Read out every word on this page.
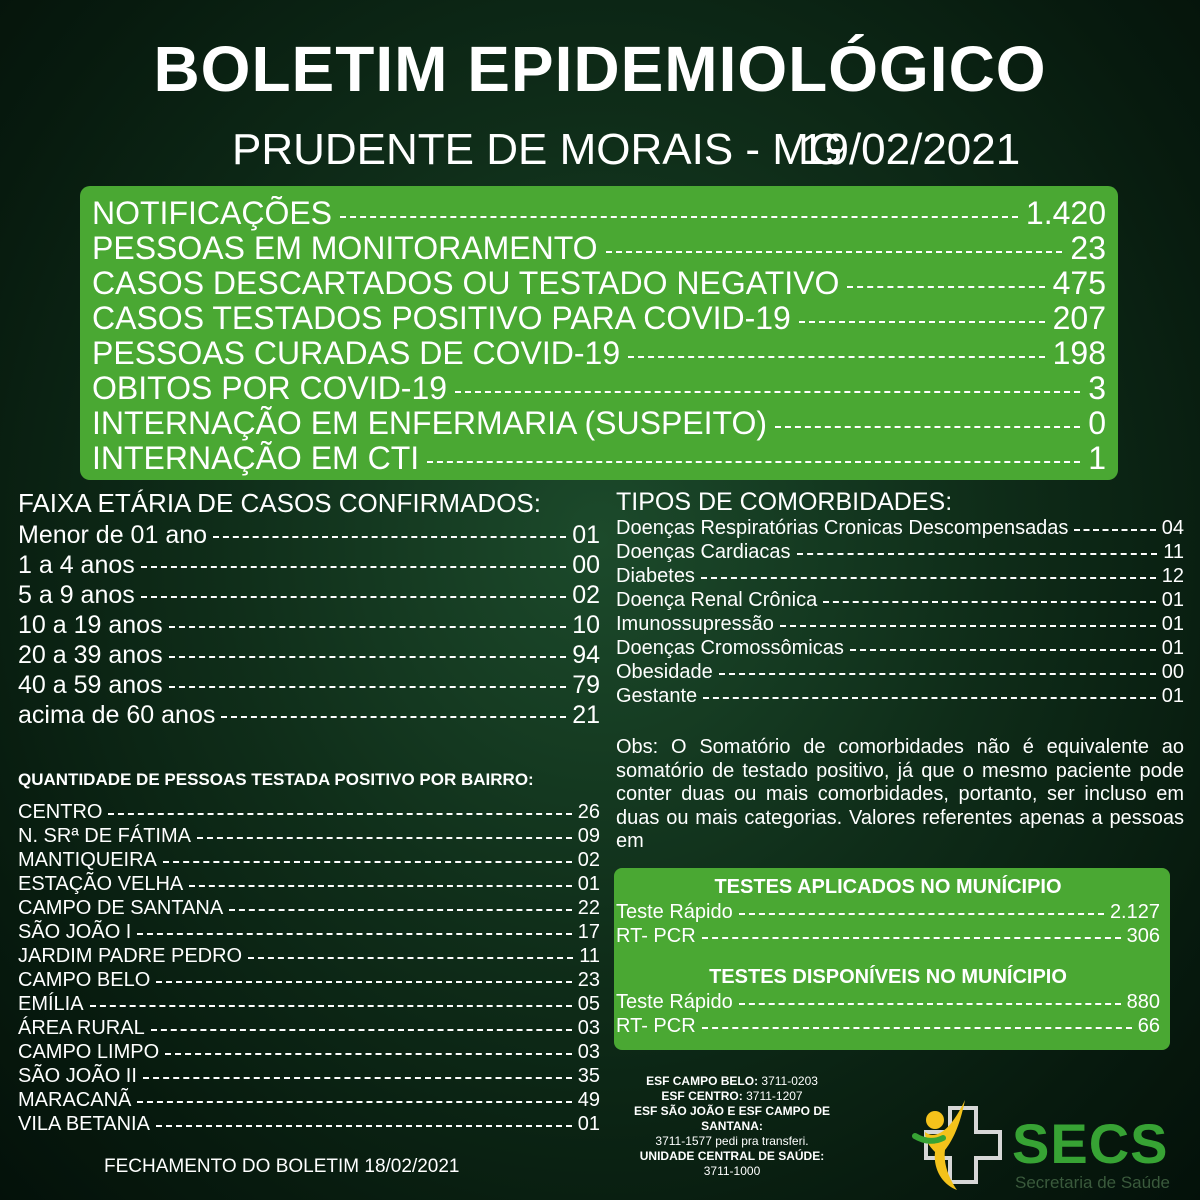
BOLETIM EPIDEMIOLÓGICO
PRUDENTE DE MORAIS - MG
19/02/2021
NOTIFICAÇÕES	1.420
PESSOAS EM MONITORAMENTO	23
CASOS DESCARTADOS OU TESTADO NEGATIVO	475
CASOS TESTADOS POSITIVO PARA COVID-19	207
PESSOAS CURADAS DE COVID-19	198
OBITOS POR COVID-19	3
INTERNAÇÃO EM ENFERMARIA (SUSPEITO)	0
INTERNAÇÃO EM CTI	1
FAIXA ETÁRIA DE CASOS CONFIRMADOS:
Menor de 01 ano	01
1 a 4 anos	00
5 a 9 anos	02
10 a 19 anos	10
20 a 39 anos	94
40 a 59 anos	79
acima de 60 anos	21
QUANTIDADE DE PESSOAS TESTADA POSITIVO POR BAIRRO:
CENTRO	26
N. SRª DE FÁTIMA	09
MANTIQUEIRA	02
ESTAÇÃO VELHA	01
CAMPO DE SANTANA	22
SÃO JOÃO I	17
JARDIM PADRE PEDRO	11
CAMPO BELO	23
EMÍLIA	05
ÁREA RURAL	03
CAMPO LIMPO	03
SÃO JOÃO II	35
MARACANÃ	49
VILA BETANIA	01
TIPOS DE COMORBIDADES:
Doenças Respiratórias Cronicas Descompensadas	04
Doenças Cardiacas	11
Diabetes	12
Doença Renal Crônica	01
Imunossupressão	01
Doenças Cromossômicas	01
Obesidade	00
Gestante	01
Obs: O Somatório de comorbidades não é equivalente ao somatório de testado positivo, já que o mesmo paciente pode conter duas ou mais comorbidades, portanto, ser incluso em duas ou mais categorias. Valores referentes apenas a pessoas em
TESTES APLICADOS NO MUNÍCIPIO
Teste Rápido	2.127
RT- PCR	306
TESTES DISPONÍVEIS NO MUNÍCIPIO
Teste Rápido	880
RT- PCR	66
ESF CAMPO BELO: 3711-0203
ESF CENTRO: 3711-1207
ESF SÃO JOÃO E ESF CAMPO DE SANTANA:
3711-1577 pedi pra transferi.
UNIDADE CENTRAL DE SAÚDE:
3711-1000
FECHAMENTO DO BOLETIM 18/02/2021	SECS
Secretaria de Saúde
